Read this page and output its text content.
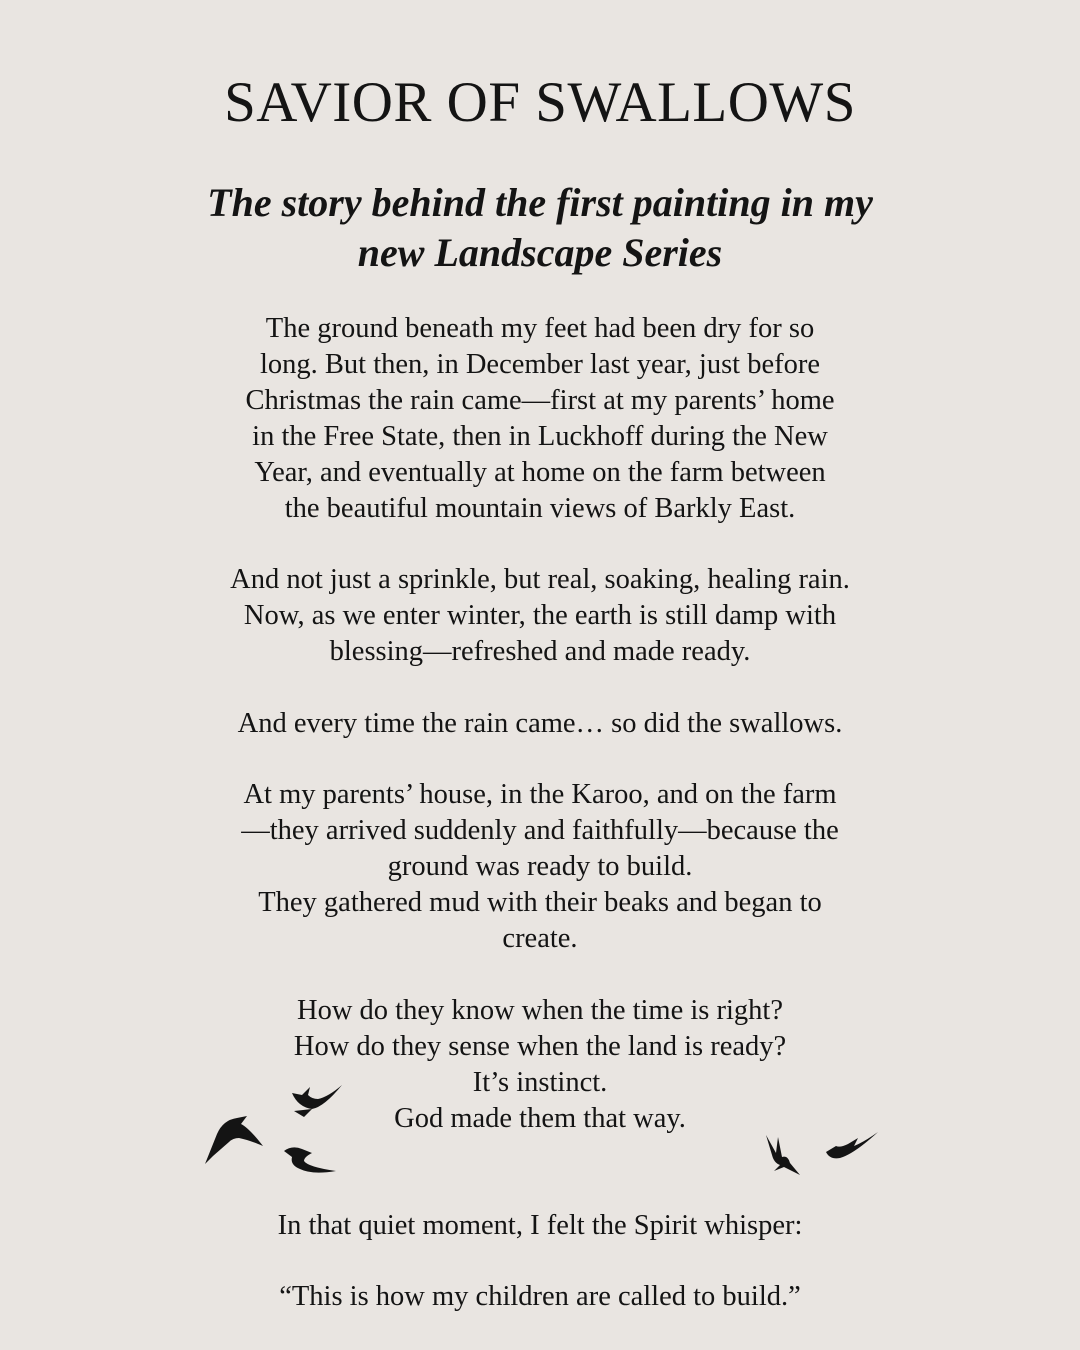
SAVIOR OF SWALLOWS
The story behind the first painting in my
new Landscape Series
The ground beneath my feet had been dry for so
long. But then, in December last year, just before
Christmas the rain came—first at my parents’ home
in the Free State, then in Luckhoff during the New
Year, and eventually at home on the farm between
the beautiful mountain views of Barkly East.
And not just a sprinkle, but real, soaking, healing rain.
Now, as we enter winter, the earth is still damp with
blessing—refreshed and made ready.
And every time the rain came… so did the swallows.
At my parents’ house, in the Karoo, and on the farm
—they arrived suddenly and faithfully—because the
ground was ready to build.
They gathered mud with their beaks and began to
create.
How do they know when the time is right?
How do they sense when the land is ready?
It’s instinct.
God made them that way.
In that quiet moment, I felt the Spirit whisper:
“This is how my children are called to build.”
